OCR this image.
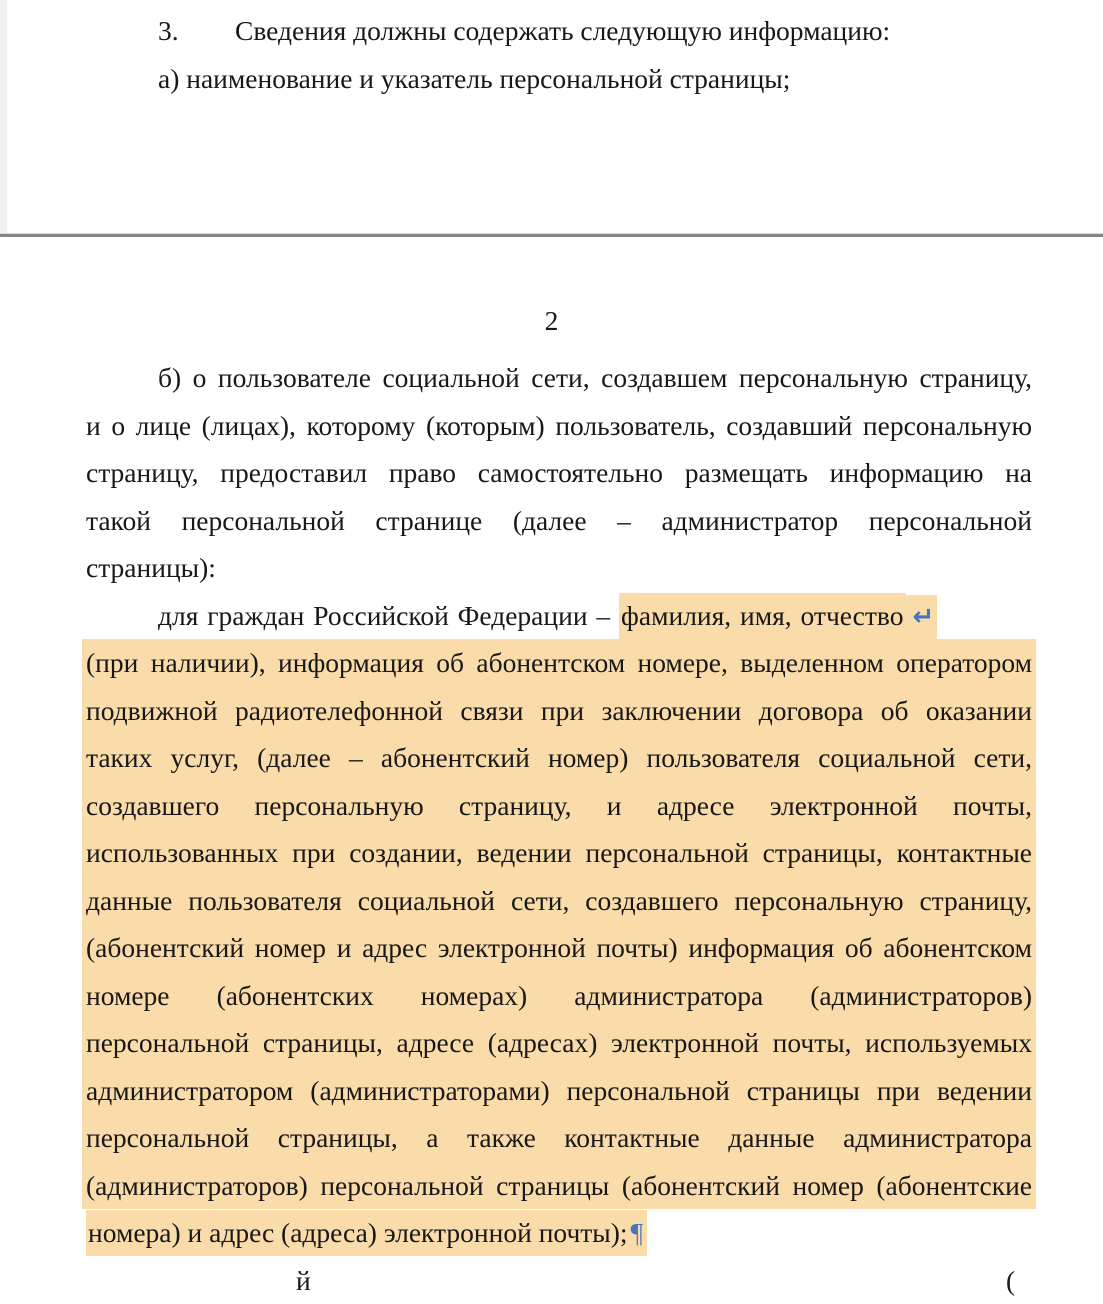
3. Сведения должны содержать следующую информацию:
а) наименование и указатель персональной страницы;
2
б) о пользователе социальной сети, создавшем персональную страницу,
и о лице (лицах), которому (которым) пользователь, создавший персональную
страницу, предоставил право самостоятельно размещать информацию на
такой персональной странице (далее – администратор персональной
страницы):
для граждан Российской Федерации – фамилия, имя, отчество ↵
(при наличии), информация об абонентском номере, выделенном оператором
подвижной радиотелефонной связи при заключении договора об оказании
таких услуг, (далее – абонентский номер) пользователя социальной сети,
создавшего персональную страницу, и адресе электронной почты,
использованных при создании, ведении персональной страницы, контактные
данные пользователя социальной сети, создавшего персональную страницу,
(абонентский номер и адрес электронной почты) информация об абонентском
номере (абонентских номерах) администратора (администраторов)
персональной страницы, адресе (адресах) электронной почты, используемых
администратором (администраторами) персональной страницы при ведении
персональной страницы, а также контактные данные администратора
(администраторов) персональной страницы (абонентский номер (абонентские
номера) и адрес (адреса) электронной почты); ¶
й	(
